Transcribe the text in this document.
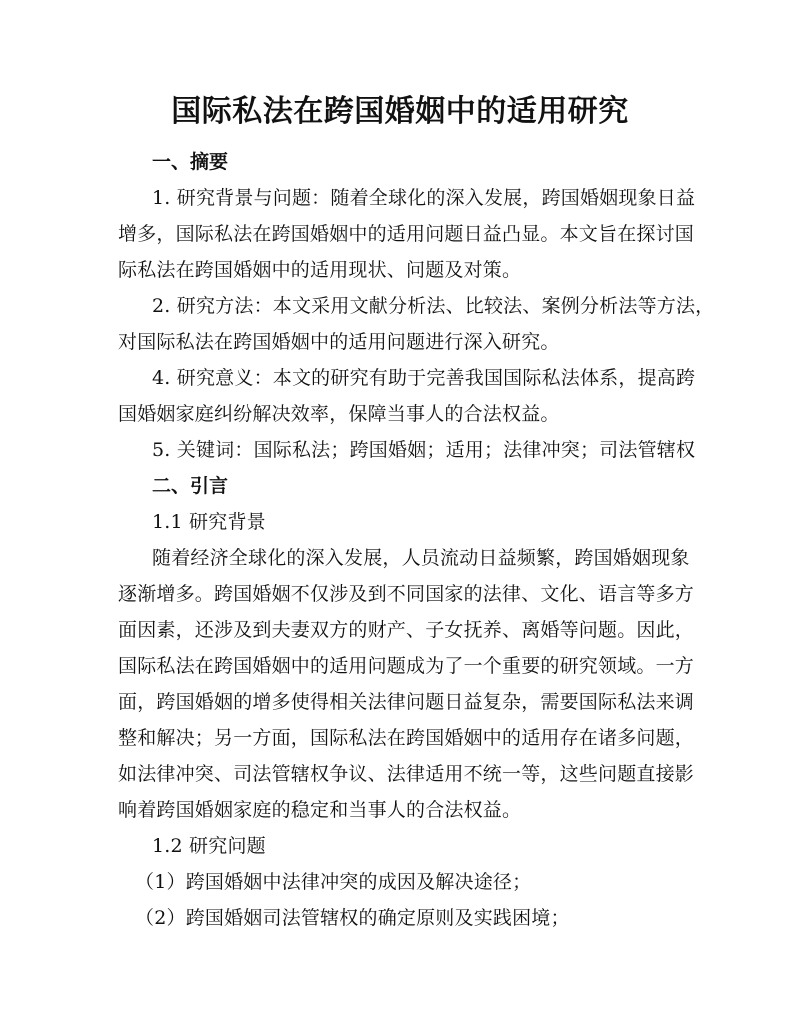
国际私法在跨国婚姻中的适用研究
一、摘要
1. 研究背景与问题：随着全球化的深入发展，跨国婚姻现象日益
增多，国际私法在跨国婚姻中的适用问题日益凸显。本文旨在探讨国
际私法在跨国婚姻中的适用现状、问题及对策。
2. 研究方法：本文采用文献分析法、比较法、案例分析法等方法，
对国际私法在跨国婚姻中的适用问题进行深入研究。
4. 研究意义：本文的研究有助于完善我国国际私法体系，提高跨
国婚姻家庭纠纷解决效率，保障当事人的合法权益。
5. 关键词：国际私法；跨国婚姻；适用；法律冲突；司法管辖权
二、引言
1.1 研究背景
随着经济全球化的深入发展，人员流动日益频繁，跨国婚姻现象
逐渐增多。跨国婚姻不仅涉及到不同国家的法律、文化、语言等多方
面因素，还涉及到夫妻双方的财产、子女抚养、离婚等问题。因此，
国际私法在跨国婚姻中的适用问题成为了一个重要的研究领域。一方
面，跨国婚姻的增多使得相关法律问题日益复杂，需要国际私法来调
整和解决；另一方面，国际私法在跨国婚姻中的适用存在诸多问题，
如法律冲突、司法管辖权争议、法律适用不统一等，这些问题直接影
响着跨国婚姻家庭的稳定和当事人的合法权益。
1.2 研究问题
（1）跨国婚姻中法律冲突的成因及解决途径；
（2）跨国婚姻司法管辖权的确定原则及实践困境；
